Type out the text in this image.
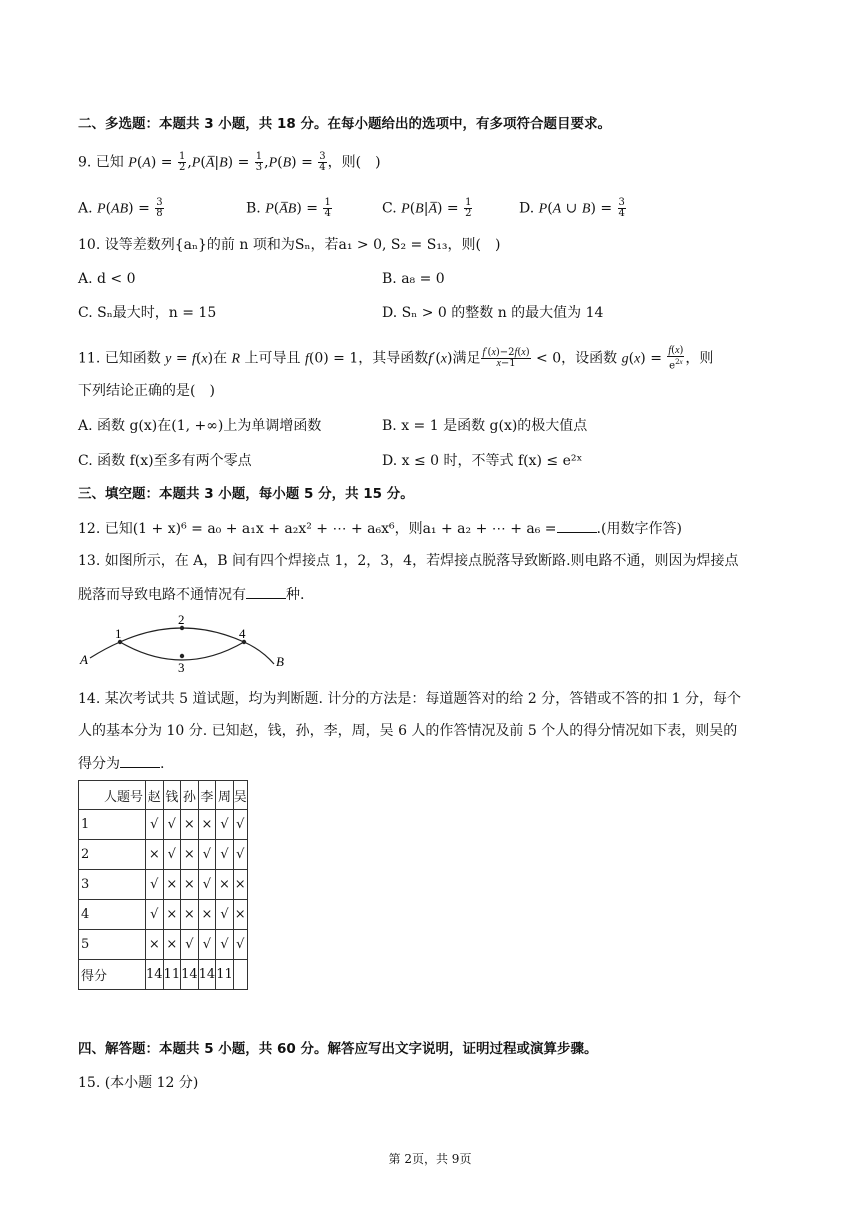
二、多选题：本题共 3 小题，共 18 分。在每小题给出的选项中，有多项符合题目要求。
9. 已知 $P(A) = \frac{1}{2}$ ,P(A̅|B) = $\frac{1}{3} ,P(B) = \frac{3}{4}$ ，则(　)
A. $P(AB) = \frac{3}{8}$	B. P(A̅B) = $\frac{1}{4}$	C. P(B|A̅) = $\frac{1}{2}$	D. P(A ∪ $B) = \frac{3}{4}$
10. 设等差数列{aₙ}的前 n 项和为Sₙ，若a₁ > 0, S₂ = S₁₃，则(　)
A. d < 0	B. a₈ = 0
C. Sₙ最大时，n = 15	D. Sₙ > 0 的整数 n 的最大值为 14
11. 已知函数 y = f(x)在 R 上可导且 f(0) = 1，其导函数f′(x)满足 $\frac{f'(x)-2f(x)}{x-1} < 0$，设函数 $g(x) = \frac{f(x)}{e^{2x}}$ ，则
下列结论正确的是(　)
A. 函数 g(x)在(1, +∞)上为单调增函数	B. x = 1 是函数 g(x)的极大值点
C. 函数 f(x)至多有两个零点	D. x ≤ 0 时，不等式 f(x) ≤ e²ˣ
三、填空题：本题共 3 小题，每小题 5 分，共 15 分。
12. 已知(1 + x)⁶ = a₀ + a₁x + a₂x² + ⋯ + a₆x⁶，则a₁ + a₂ + ⋯ + a₆ =	.(用数字作答)
13. 如图所示，在 A，B 间有四个焊接点 1，2，3，4，若焊接点脱落导致断路.则电路不通，则因为焊接点
脱落而导致电路不通情况有	种.
1
2
3
4
A	B
14. 某次考试共 5 道试题，均为判断题. 计分的方法是：每道题答对的给 2 分，答错或不答的扣 1 分，每个
人的基本分为 10 分. 已知赵，钱，孙，李，周，吴 6 人的作答情况及前 5 个人的得分情况如下表，则吴的
得分为	.
人题号	赵	钱	孙	李	周	吴
1	√	√	×	×	√	√
2	×	√	×	√	√	√
3	√	×	×	√	×	×
4	√	×	×	×	√	×
5	×	×	√	√	√	√
得分	14	11	14	14	11	
四、解答题：本题共 5 小题，共 60 分。解答应写出文字说明，证明过程或演算步骤。
15. (本小题 12 分)
第 2页，共 9页
